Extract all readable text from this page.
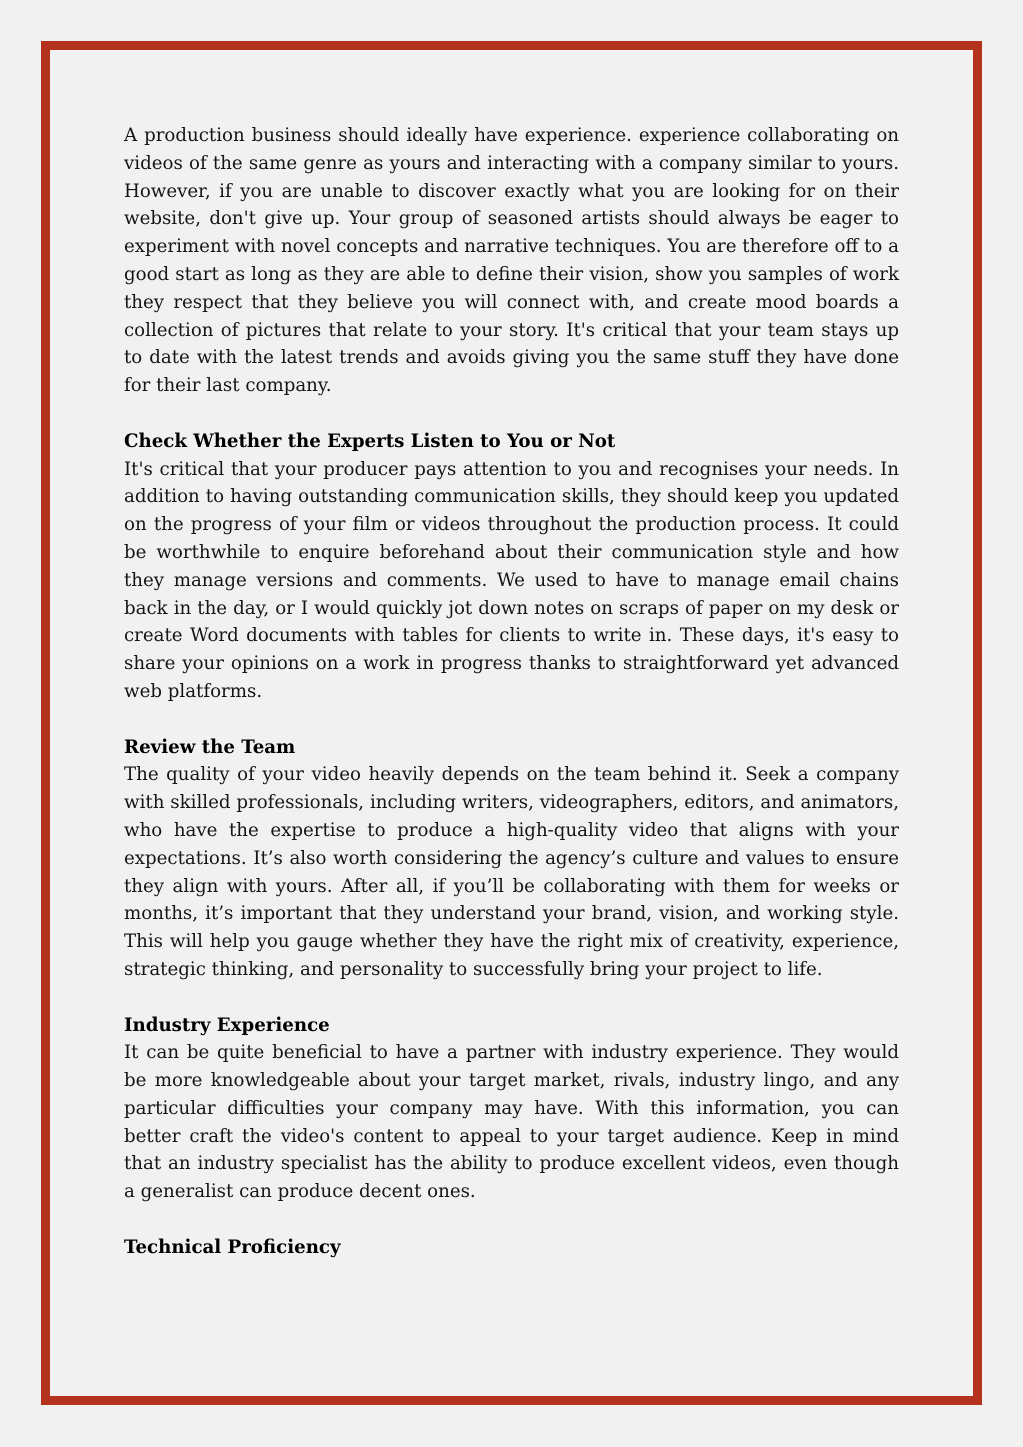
A production business should ideally have experience. experience collaborating on videos of the same genre as yours and interacting with a company similar to yours. However, if you are unable to discover exactly what you are looking for on their website, don't give up. Your group of seasoned artists should always be eager to experiment with novel concepts and narrative techniques. You are therefore off to a good start as long as they are able to define their vision, show you samples of work they respect that they believe you will connect with, and create mood boards a collection of pictures that relate to your story. It's critical that your team stays up to date with the latest trends and avoids giving you the same stuff they have done for their last company.

Check Whether the Experts Listen to You or Not

It's critical that your producer pays attention to you and recognises your needs. In addition to having outstanding communication skills, they should keep you updated on the progress of your film or videos throughout the production process. It could be worthwhile to enquire beforehand about their communication style and how they manage versions and comments. We used to have to manage email chains back in the day, or I would quickly jot down notes on scraps of paper on my desk or create Word documents with tables for clients to write in. These days, it's easy to share your opinions on a work in progress thanks to straightforward yet advanced web platforms.

Review the Team

The quality of your video heavily depends on the team behind it. Seek a company with skilled professionals, including writers, videographers, editors, and animators, who have the expertise to produce a high-quality video that aligns with your expectations. It’s also worth considering the agency’s culture and values to ensure they align with yours. After all, if you’ll be collaborating with them for weeks or months, it’s important that they understand your brand, vision, and working style. This will help you gauge whether they have the right mix of creativity, experience, strategic thinking, and personality to successfully bring your project to life.

Industry Experience

It can be quite beneficial to have a partner with industry experience. They would be more knowledgeable about your target market, rivals, industry lingo, and any particular difficulties your company may have. With this information, you can better craft the video's content to appeal to your target audience. Keep in mind that an industry specialist has the ability to produce excellent videos, even though a generalist can produce decent ones.

Technical Proficiency
